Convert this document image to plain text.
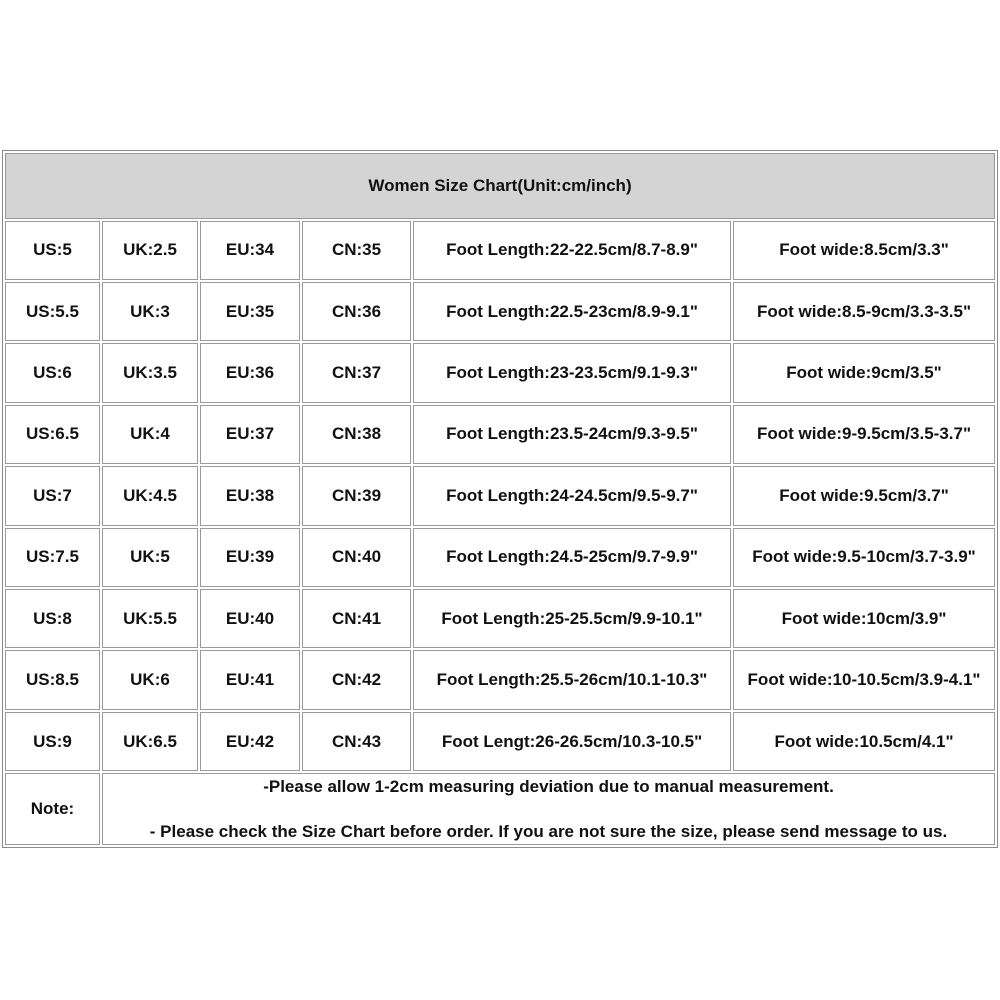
Women Size Chart(Unit:cm/inch)					
US:5	UK:2.5	EU:34	CN:35	Foot Length:22-22.5cm/8.7-8.9"	Foot wide:8.5cm/3.3"
US:5.5	UK:3	EU:35	CN:36	Foot Length:22.5-23cm/8.9-9.1"	Foot wide:8.5-9cm/3.3-3.5"
US:6	UK:3.5	EU:36	CN:37	Foot Length:23-23.5cm/9.1-9.3"	Foot wide:9cm/3.5"
US:6.5	UK:4	EU:37	CN:38	Foot Length:23.5-24cm/9.3-9.5"	Foot wide:9-9.5cm/3.5-3.7"
US:7	UK:4.5	EU:38	CN:39	Foot Length:24-24.5cm/9.5-9.7"	Foot wide:9.5cm/3.7"
US:7.5	UK:5	EU:39	CN:40	Foot Length:24.5-25cm/9.7-9.9"	Foot wide:9.5-10cm/3.7-3.9"
US:8	UK:5.5	EU:40	CN:41	Foot Length:25-25.5cm/9.9-10.1"	Foot wide:10cm/3.9"
US:8.5	UK:6	EU:41	CN:42	Foot Length:25.5-26cm/10.1-10.3"	Foot wide:10-10.5cm/3.9-4.1"
US:9	UK:6.5	EU:42	CN:43	Foot Lengt:26-26.5cm/10.3-10.5"	Foot wide:10.5cm/4.1"
Note:	-Please allow 1-2cm measuring deviation due to manual measurement.
- Please check the Size Chart before order. If you are not sure the size, please send message to us.				
